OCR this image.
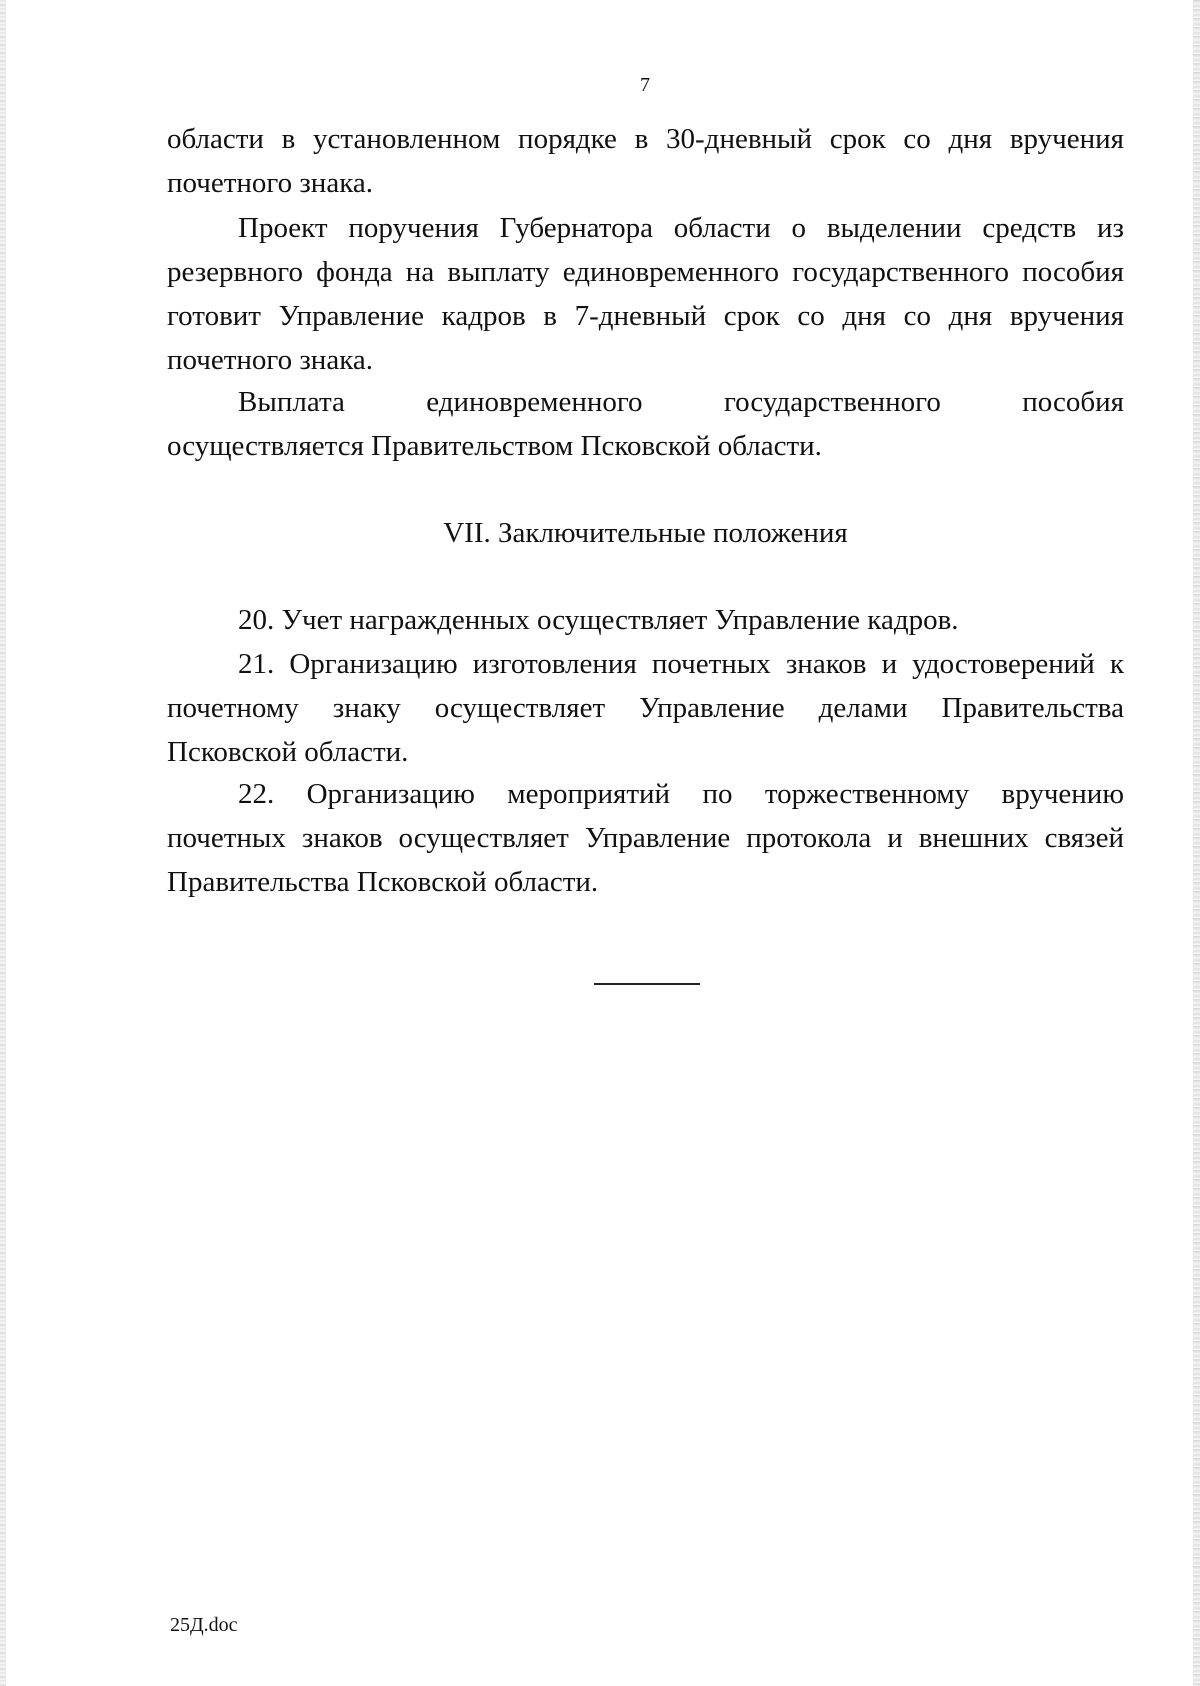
7
области в установленном порядке в 30-дневный срок со дня вручения почетного знака.
Проект поручения Губернатора области о выделении средств из резервного фонда на выплату единовременного государственного пособия готовит Управление кадров в 7-дневный срок со дня со дня вручения почетного знака.
Выплата единовременного государственного пособия
осуществляется Правительством Псковской области.
VII. Заключительные положения
20. Учет награжденных осуществляет Управление кадров.
21. Организацию изготовления почетных знаков и удостоверений к почетному знаку осуществляет Управление делами Правительства Псковской области.
22. Организацию мероприятий по торжественному вручению почетных знаков осуществляет Управление протокола и внешних связей Правительства Псковской области.
25Д.doc
